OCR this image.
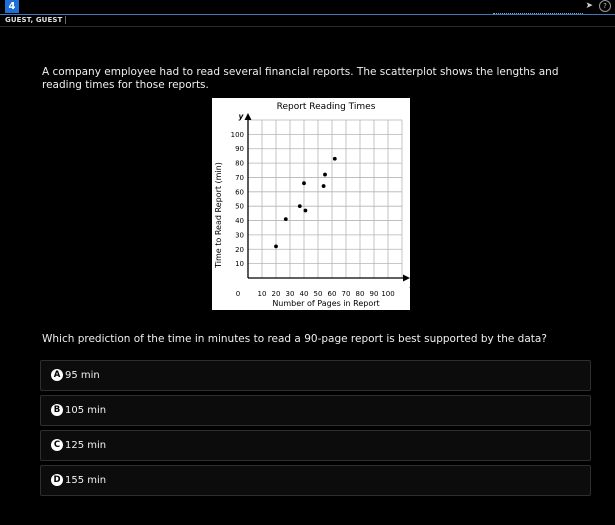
4	➤ ?
GUEST, GUEST
A company employee had to read several financial reports. The scatterplot shows the lengths and reading times for those reports.
Report Reading Times
10 20 30 40 50 60 70 80 90 100
10
20
30
40
50
60
70
80
90
100
Time to Read Report (min)
Number of Pages in Report
y
x
0
Which prediction of the time in minutes to read a 90-page report is best supported by the data?
A 95 min
B 105 min
C 125 min
D 155 min
